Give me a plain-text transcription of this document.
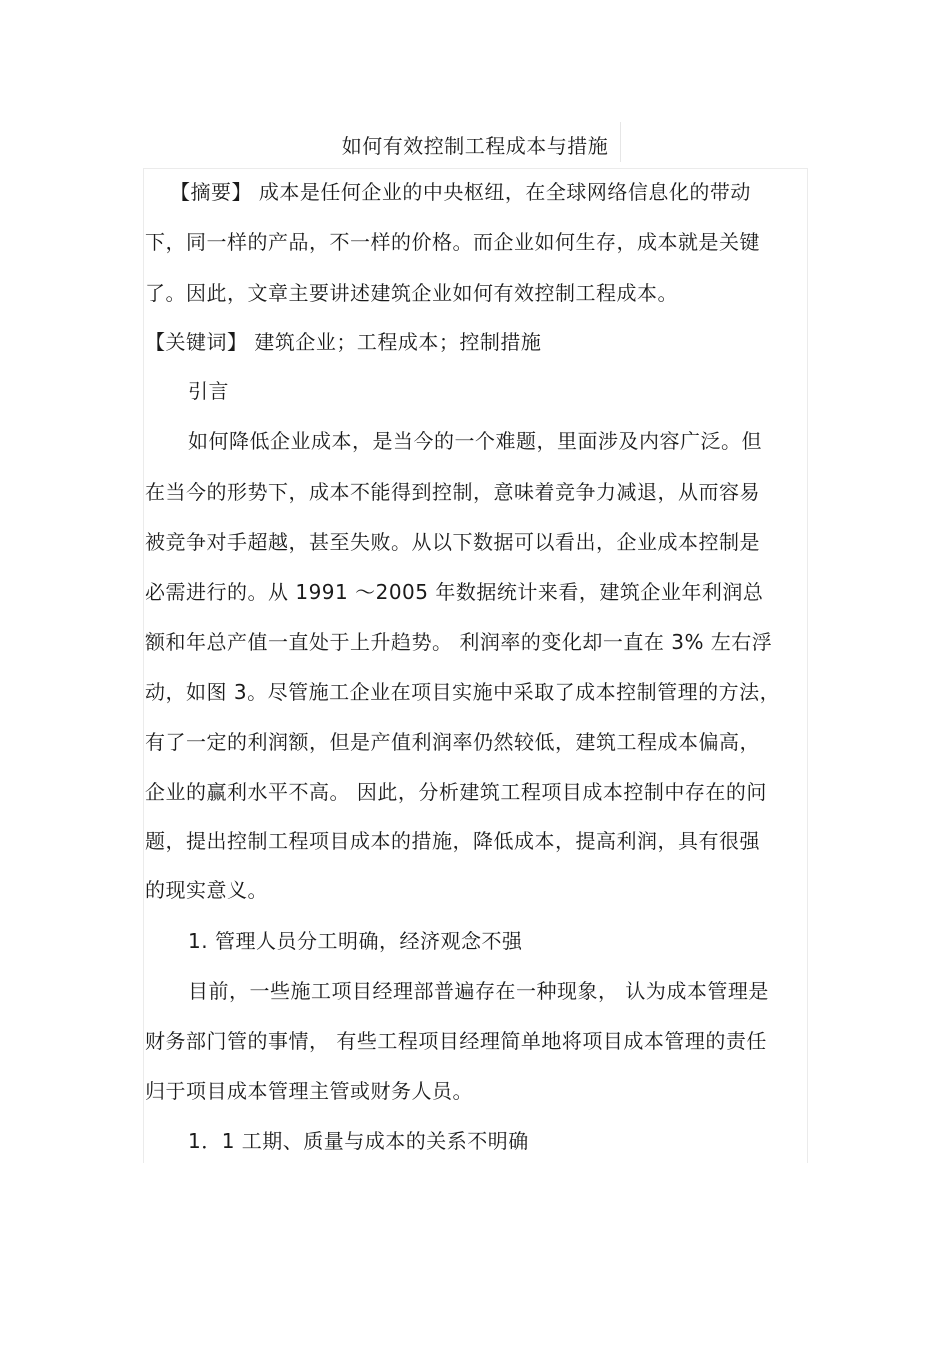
如何有效控制工程成本与措施
【摘要】 成本是任何企业的中央枢纽，在全球网络信息化的带动
下，同一样的产品，不一样的价格。而企业如何生存，成本就是关键
了。因此，文章主要讲述建筑企业如何有效控制工程成本。
【关键词】 建筑企业；工程成本；控制措施
引言
如何降低企业成本，是当今的一个难题，里面涉及内容广泛。但
在当今的形势下，成本不能得到控制，意味着竞争力减退，从而容易
被竞争对手超越，甚至失败。从以下数据可以看出，企业成本控制是
必需进行的。从 1991 ～2005 年数据统计来看，建筑企业年利润总
额和年总产值一直处于上升趋势。 利润率的变化却一直在 3% 左右浮
动，如图 3。尽管施工企业在项目实施中采取了成本控制管理的方法，
有了一定的利润额，但是产值利润率仍然较低，建筑工程成本偏高，
企业的赢利水平不高。 因此，分析建筑工程项目成本控制中存在的问
题，提出控制工程项目成本的措施，降低成本，提高利润，具有很强
的现实意义。
1. 管理人员分工明确，经济观念不强
目前，一些施工项目经理部普遍存在一种现象， 认为成本管理是
财务部门管的事情， 有些工程项目经理简单地将项目成本管理的责任
归于项目成本管理主管或财务人员。
1．1 工期、质量与成本的关系不明确
